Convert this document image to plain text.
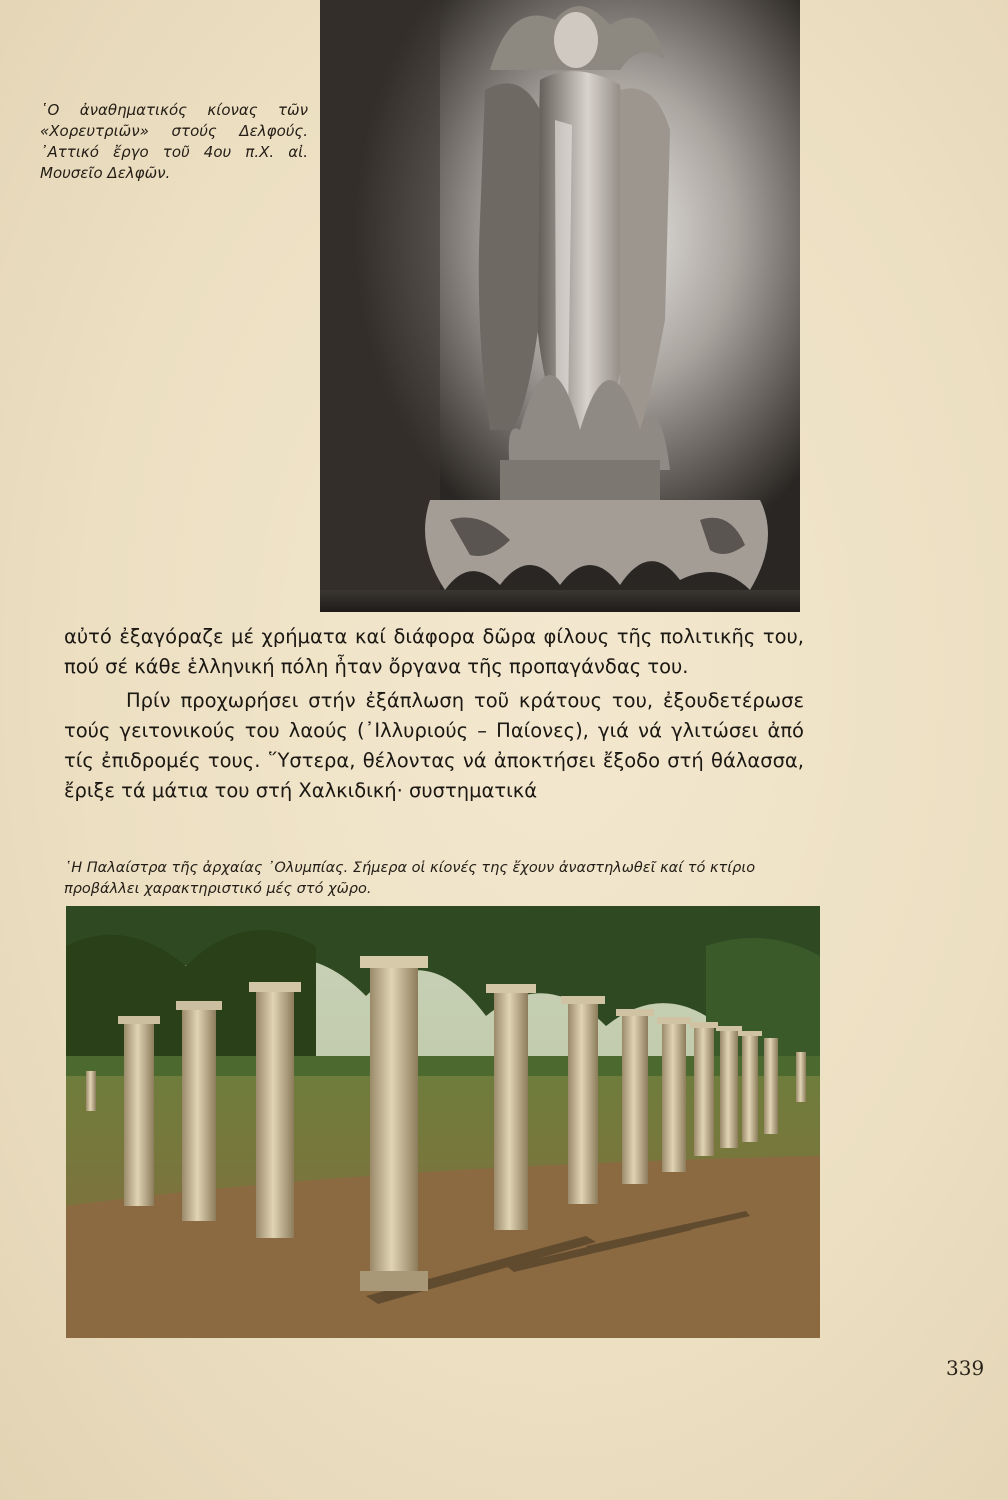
῾Ο ἀναθηματικός κίονας τῶν «Χορευτριῶν» στούς Δελφούς. ᾿Αττικό ἔργο τοῦ 4ου π.Χ. αἰ. Μουσεῖο Δελφῶν.

αὐτό ἐξαγόραζε μέ χρήματα καί διάφορα δῶρα φίλους τῆς πολιτικῆς του, πού σέ κάθε ἑλληνική πόλη ἦταν ὄργανα τῆς προπαγάνδας του.

Πρίν προχωρήσει στήν ἐξάπλωση τοῦ κράτους του, ἐξουδετέρωσε τούς γειτονικούς του λαούς (᾿Ιλλυριούς – Παίονες), γιά νά γλιτώσει ἀπό τίς ἐπιδρομές τους. ῞Υστερα, θέλοντας νά ἀποκτήσει ἔξοδο στή θάλασσα, ἔριξε τά μάτια του στή Χαλκιδική· συστηματικά

῾Η Παλαίστρα τῆς ἀρχαίας ᾿Ολυμπίας. Σήμερα οἱ κίονές της ἔχουν ἀναστηλωθεῖ καί τό κτίριο προβάλλει χαρακτηριστικό μές στό χῶρο.
339
